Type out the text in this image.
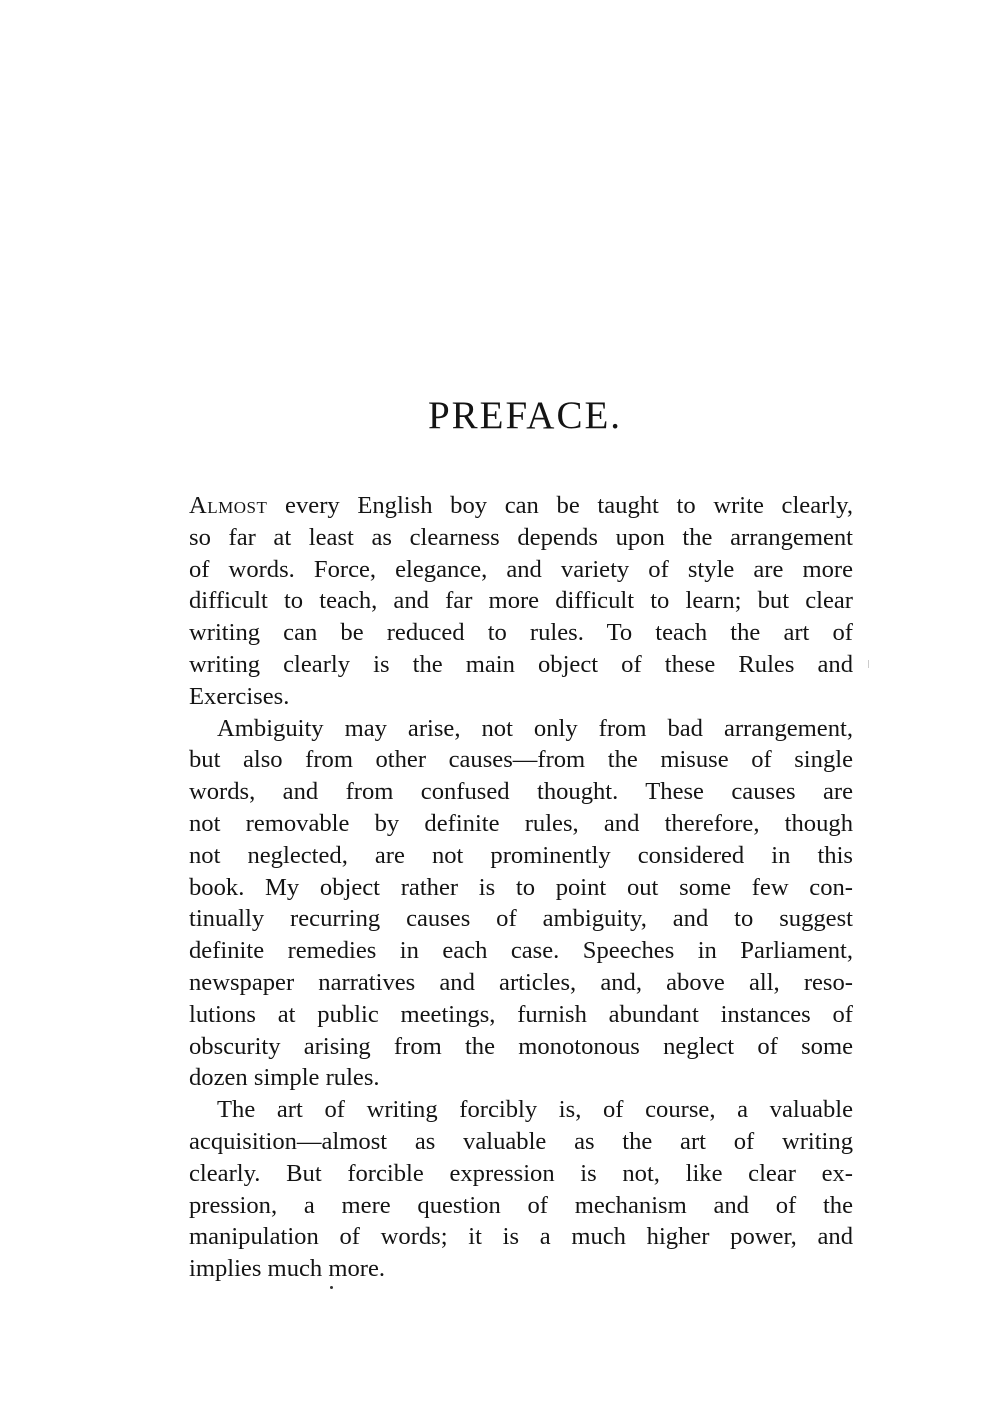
PREFACE.
Almost every English boy can be taught to write clearly,
so far at least as clearness depends upon the arrangement
of words. Force, elegance, and variety of style are more
difficult to teach, and far more difficult to learn; but clear
writing can be reduced to rules. To teach the art of
writing clearly is the main object of these Rules and
Exercises.
Ambiguity may arise, not only from bad arrangement,
but also from other causes—from the misuse of single
words, and from confused thought. These causes are
not removable by definite rules, and therefore, though
not neglected, are not prominently considered in this
book. My object rather is to point out some few con-
tinually recurring causes of ambiguity, and to suggest
definite remedies in each case. Speeches in Parliament,
newspaper narratives and articles, and, above all, reso-
lutions at public meetings, furnish abundant instances of
obscurity arising from the monotonous neglect of some
dozen simple rules.
The art of writing forcibly is, of course, a valuable
acquisition—almost as valuable as the art of writing
clearly. But forcible expression is not, like clear ex-
pression, a mere question of mechanism and of the
manipulation of words; it is a much higher power, and
implies much more.
